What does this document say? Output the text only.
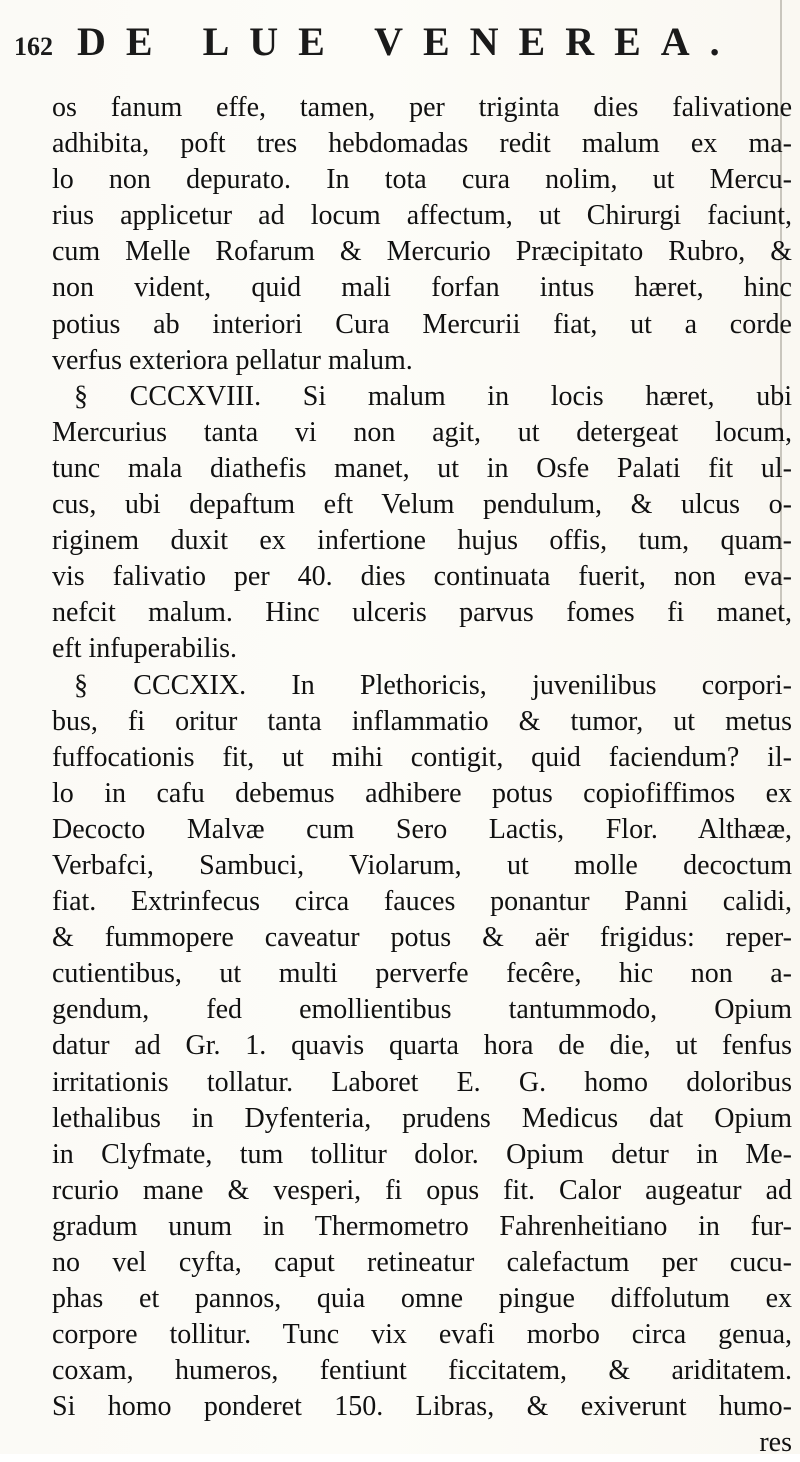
162 DE LUE VENEREA.
os fanum effe, tamen, per triginta dies falivatione
adhibita, poft tres hebdomadas redit malum ex ma-
lo non depurato. In tota cura nolim, ut Mercu-
rius applicetur ad locum affectum, ut Chirurgi faciunt,
cum Melle Rofarum & Mercurio Præcipitato Rubro, &
non vident, quid mali forfan intus hæret, hinc
potius ab interiori Cura Mercurii fiat, ut a corde
verfus exteriora pellatur malum.
§ CCCXVIII. Si malum in locis hæret, ubi
Mercurius tanta vi non agit, ut detergeat locum,
tunc mala diathefis manet, ut in Osfe Palati fit ul-
cus, ubi depaftum eft Velum pendulum, & ulcus o-
riginem duxit ex infertione hujus offis, tum, quam-
vis falivatio per 40. dies continuata fuerit, non eva-
nefcit malum. Hinc ulceris parvus fomes fi manet,
eft infuperabilis.
§ CCCXIX. In Plethoricis, juvenilibus corpori-
bus, fi oritur tanta inflammatio & tumor, ut metus
fuffocationis fit, ut mihi contigit, quid faciendum? il-
lo in cafu debemus adhibere potus copiofiffimos ex
Decocto Malvæ cum Sero Lactis, Flor. Althææ,
Verbafci, Sambuci, Violarum, ut molle decoctum
fiat. Extrinfecus circa fauces ponantur Panni calidi,
& fummopere caveatur potus & aër frigidus: reper-
cutientibus, ut multi perverfe fecêre, hic non a-
gendum, fed emollientibus tantummodo, Opium
datur ad Gr. 1. quavis quarta hora de die, ut fenfus
irritationis tollatur. Laboret E. G. homo doloribus
lethalibus in Dyfenteria, prudens Medicus dat Opium
in Clyfmate, tum tollitur dolor. Opium detur in Me-
rcurio mane & vesperi, fi opus fit. Calor augeatur ad
gradum unum in Thermometro Fahrenheitiano in fur-
no vel cyfta, caput retineatur calefactum per cucu-
phas et pannos, quia omne pingue diffolutum ex
corpore tollitur. Tunc vix evafi morbo circa genua,
coxam, humeros, fentiunt ficcitatem, & ariditatem.
Si homo ponderet 150. Libras, & exiverunt humo-
res
